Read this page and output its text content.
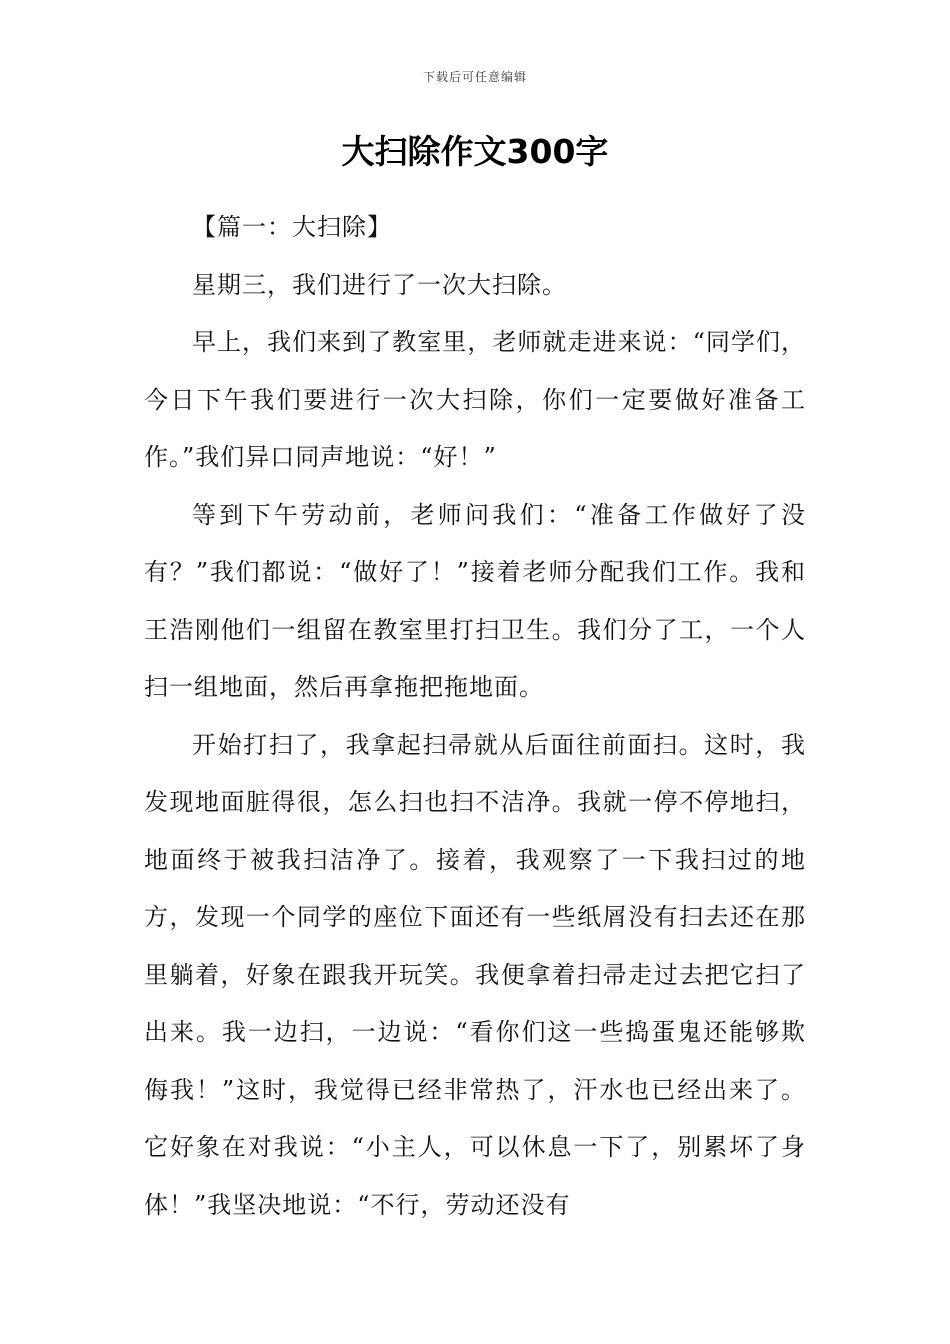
下载后可任意编辑
大扫除作文300字

【篇一：大扫除】

星期三，我们进行了一次大扫除。

早上，我们来到了教室里，老师就走进来说：“同学们，今日下午我们要进行一次大扫除，你们一定要做好准备工作。”我们异口同声地说：“好！”

等到下午劳动前，老师问我们：“准备工作做好了没有？”我们都说：“做好了！”接着老师分配我们工作。我和王浩刚他们一组留在教室里打扫卫生。我们分了工，一个人扫一组地面，然后再拿拖把拖地面。

开始打扫了，我拿起扫帚就从后面往前面扫。这时，我发现地面脏得很，怎么扫也扫不洁净。我就一停不停地扫，地面终于被我扫洁净了。接着，我观察了一下我扫过的地方，发现一个同学的座位下面还有一些纸屑没有扫去还在那里躺着，好象在跟我开玩笑。我便拿着扫帚走过去把它扫了出来。我一边扫，一边说：“看你们这一些捣蛋鬼还能够欺侮我！”这时，我觉得已经非常热了，汗水也已经出来了。它好象在对我说：“小主人，可以休息一下了，别累坏了身体！”我坚决地说：“不行，劳动还没有
